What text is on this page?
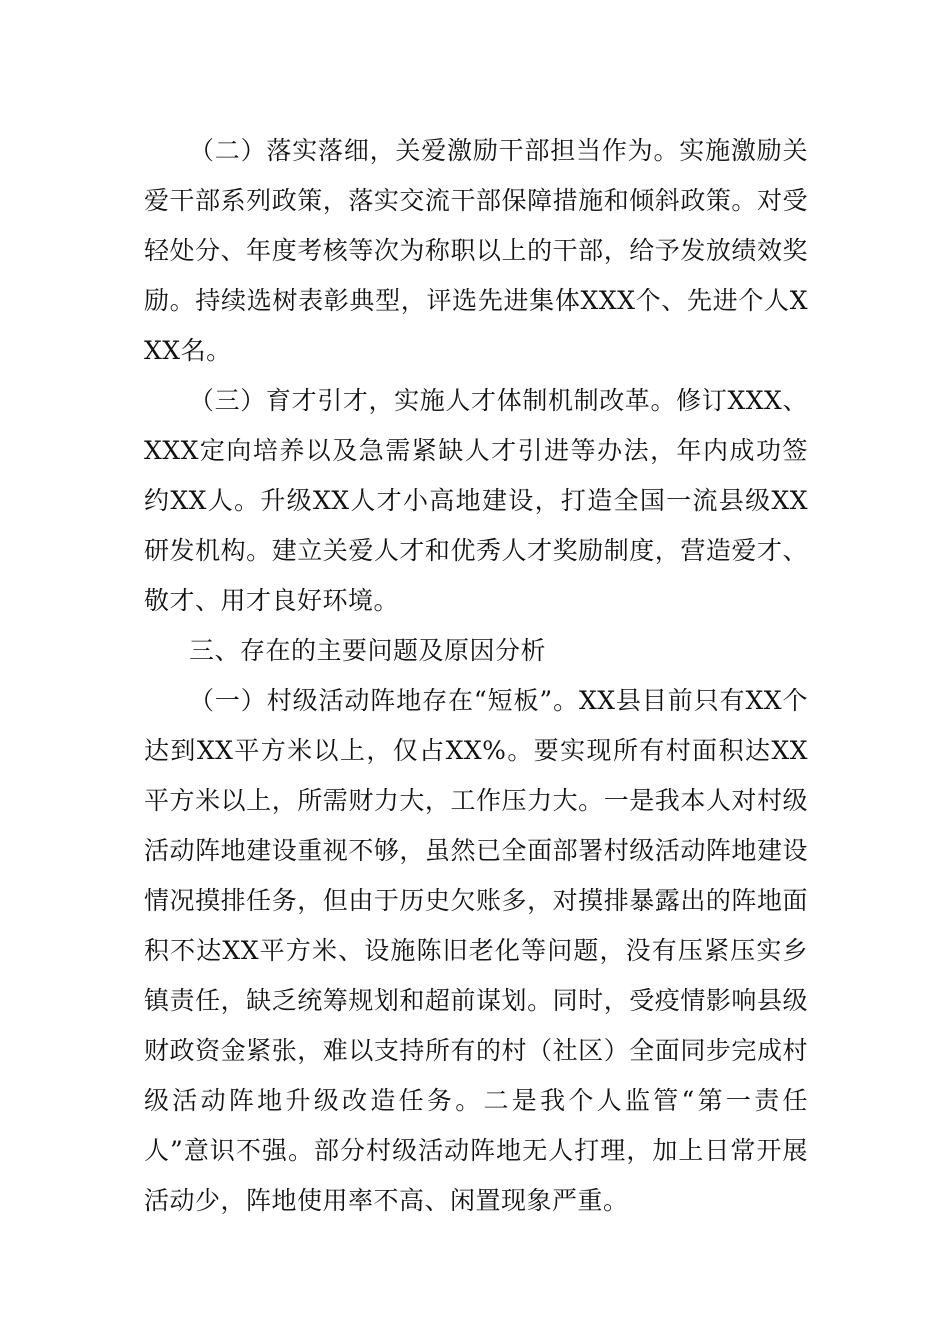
（二）落实落细，关爱激励干部担当作为。实施激励关爱干部系列政策，落实交流干部保障措施和倾斜政策。对受轻处分、年度考核等次为称职以上的干部，给予发放绩效奖励。持续选树表彰典型，评选先进集体XXX个、先进个人XXX名。

（三）育才引才，实施人才体制机制改革。修订XXX、XXX定向培养以及急需紧缺人才引进等办法，年内成功签约XX人。升级XX人才小高地建设，打造全国一流县级XX研发机构。建立关爱人才和优秀人才奖励制度，营造爱才、敬才、用才良好环境。

三、存在的主要问题及原因分析

（一）村级活动阵地存在“短板”。XX县目前只有XX个达到XX平方米以上，仅占XX%。要实现所有村面积达XX平方米以上，所需财力大，工作压力大。一是我本人对村级活动阵地建设重视不够，虽然已全面部署村级活动阵地建设情况摸排任务，但由于历史欠账多，对摸排暴露出的阵地面积不达XX平方米、设施陈旧老化等问题，没有压紧压实乡镇责任，缺乏统筹规划和超前谋划。同时，受疫情影响县级财政资金紧张，难以支持所有的村（社区）全面同步完成村级活动阵地升级改造任务。二是我个人监管“第一责任人”意识不强。部分村级活动阵地无人打理，加上日常开展活动少，阵地使用率不高、闲置现象严重。
